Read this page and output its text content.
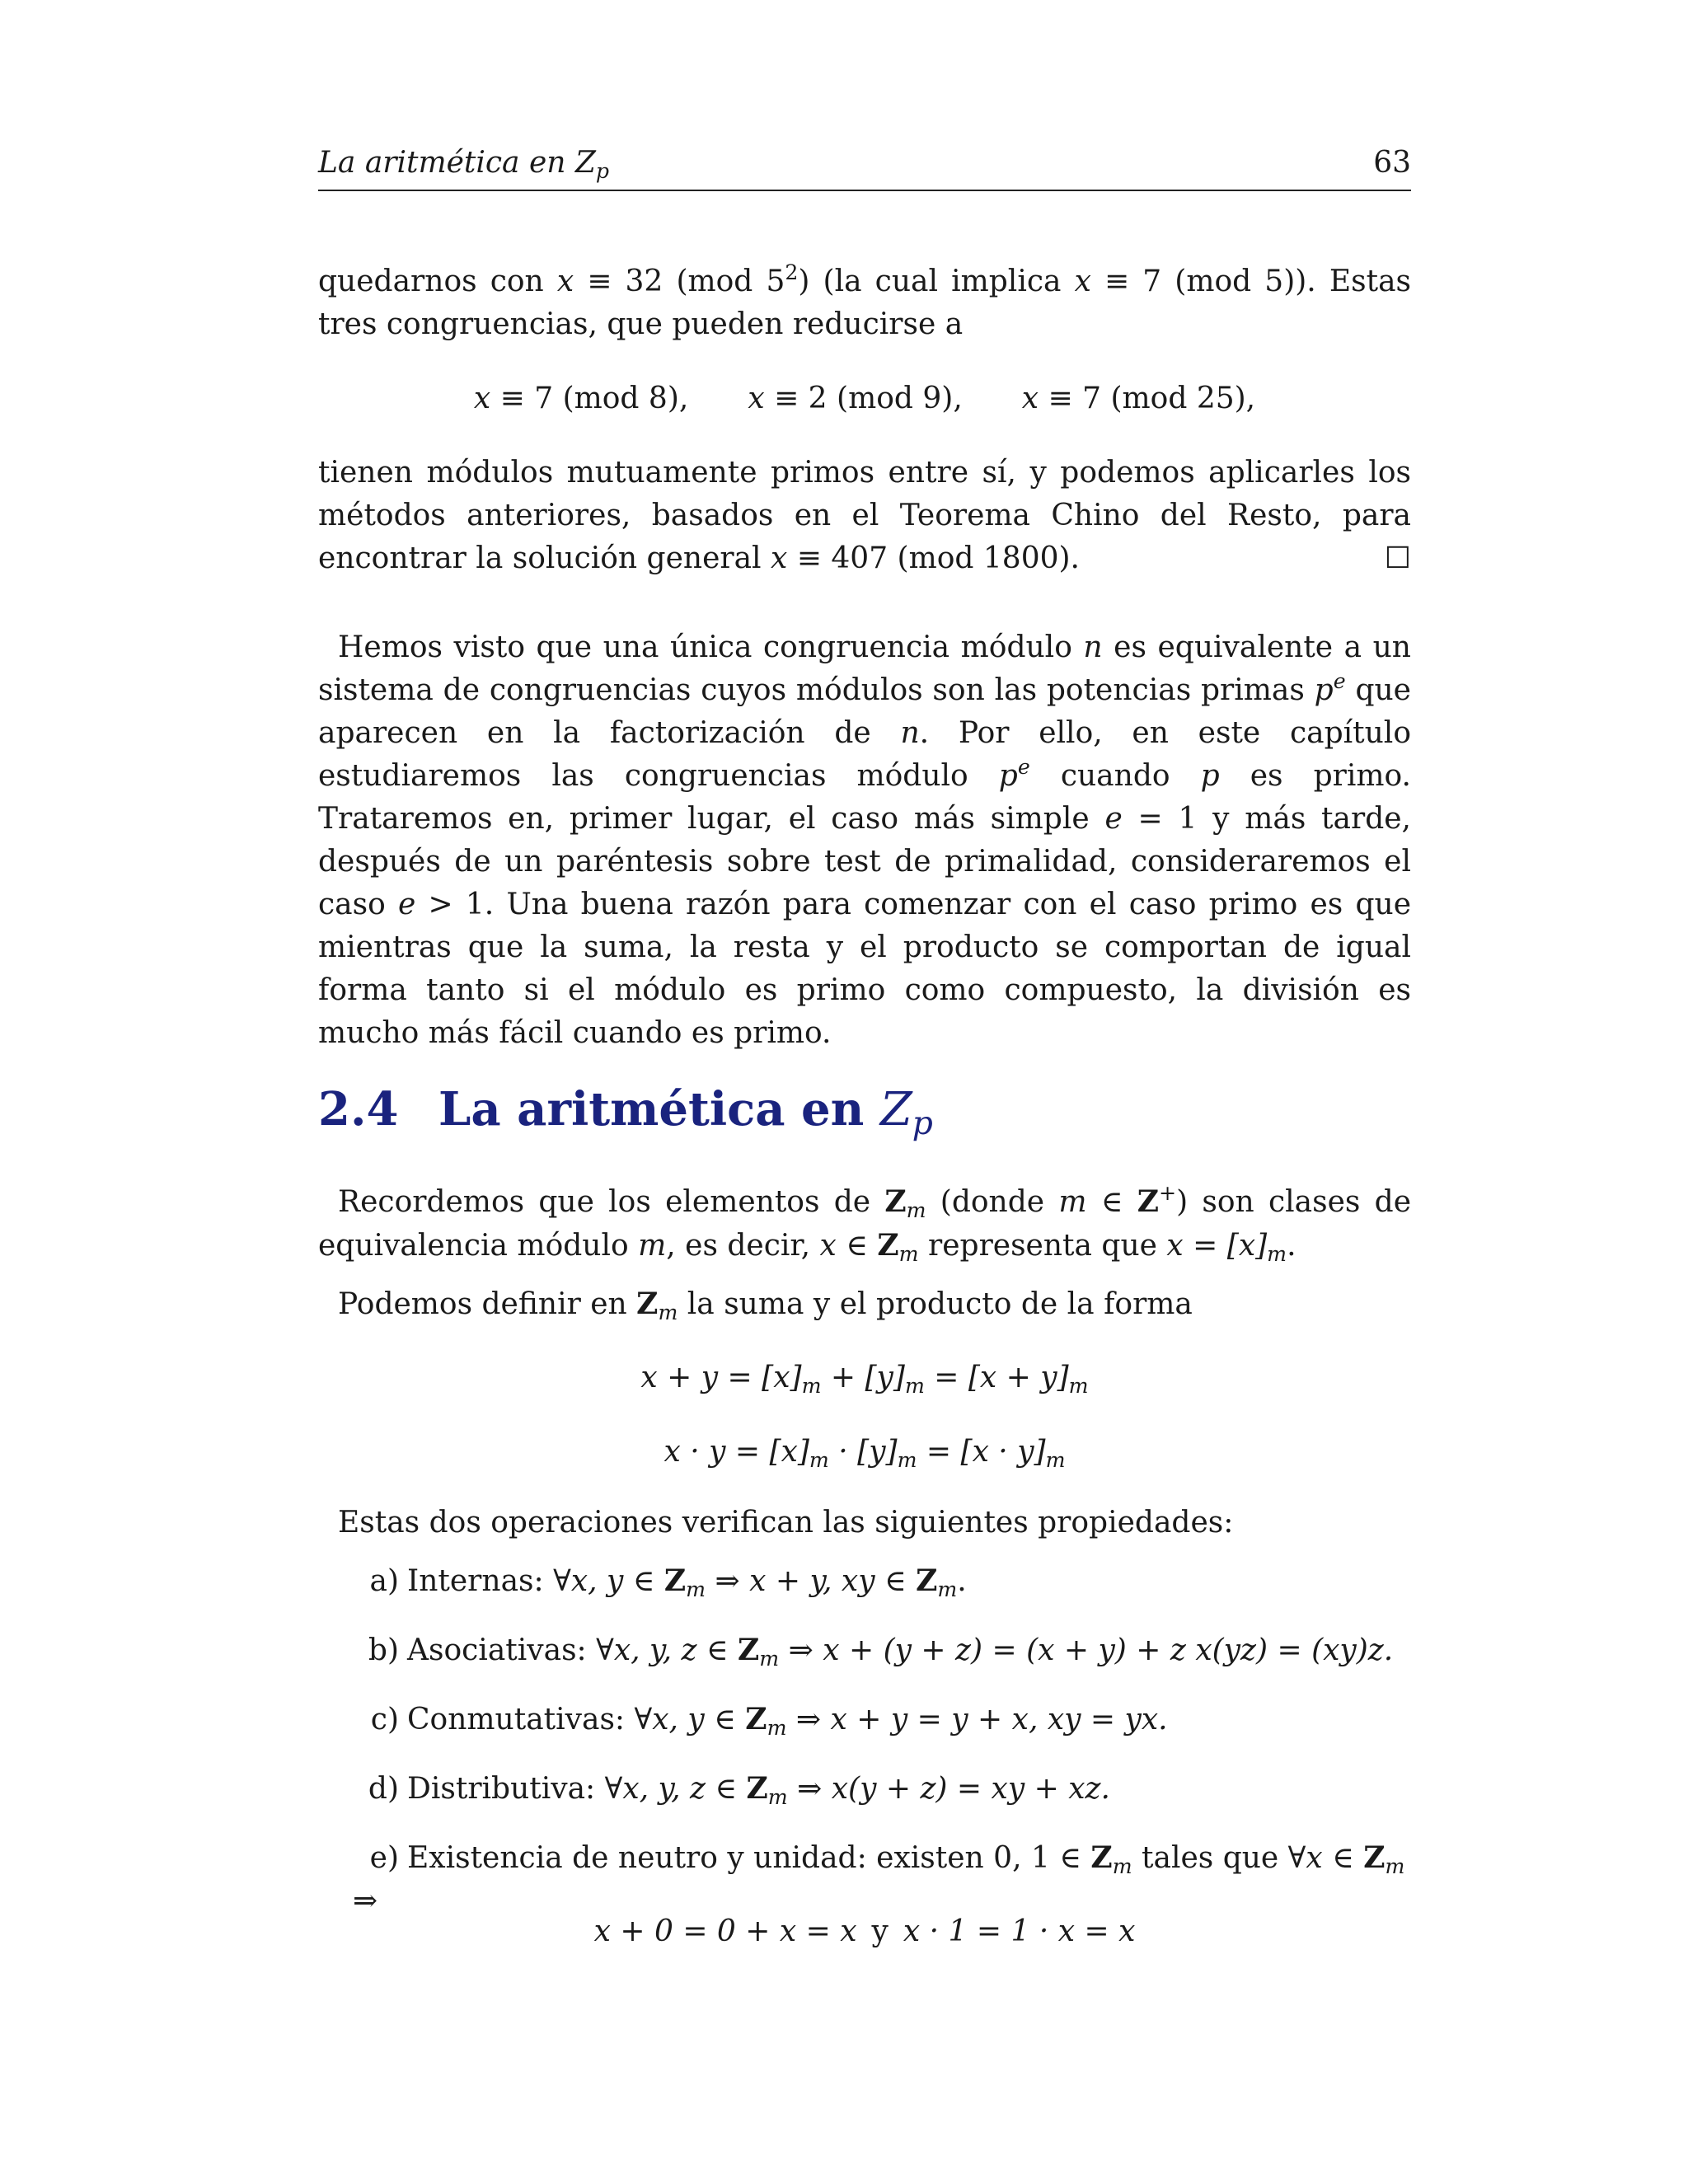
La aritmética en $Z_p$	63
quedarnos con x ≡ 32 (mod $5^2$) (la cual implica x ≡ 7 (mod 5)). Estas tres congruencias, que pueden reducirse a
x ≡ 7 (mod 8),   x ≡ 2 (mod 9),   x ≡ 7 (mod 25),
tienen módulos mutuamente primos entre sí, y podemos aplicarles los métodos anteriores, basados en el Teorema Chino del Resto, para encontrar la solución general x ≡ 407 (mod 1800).	☐
Hemos visto que una única congruencia módulo n es equivalente a un sistema de congruencias cuyos módulos son las potencias primas $p^e$ que aparecen en la factorización de n. Por ello, en este capítulo estudiaremos las congruencias módulo $p^e$ cuando p es primo. Trataremos en, primer lugar, el caso más simple e = 1 y más tarde, después de un paréntesis sobre test de primalidad, consideraremos el caso e > 1. Una buena razón para comenzar con el caso primo es que mientras que la suma, la resta y el producto se comportan de igual forma tanto si el módulo es primo como compuesto, la división es mucho más fácil cuando es primo.
2.4 La aritmética en $Z_p$
Recordemos que los elementos de $Z_m$ (donde m ∈ Z+) son clases de equivalencia módulo m, es decir, x ∈ $Z_m$ representa que $x = [x]_m$.
Podemos definir en $Z_m$ la suma y el producto de la forma
$x + y = [x]_m + [y]_m = [x + y]_m$
$x \cdot y = [x]_m \cdot [y]_m = [x \cdot y]_m$
Estas dos operaciones verifican las siguientes propiedades:
a) Internas: ∀x, y ∈ $Z_m$ ⇒ x + y, xy ∈ $Z_m$.
b) Asociativas: ∀x, y, z ∈ $Z_m$ ⇒ x + (y + z) = (x + y) + z x(yz) = (xy)z.
c) Conmutativas: ∀x, y ∈ $Z_m$ ⇒ x + y = y + x, xy = yx.
d) Distributiva: ∀x, y, z ∈ $Z_m$ ⇒ x(y + z) = xy + xz.
e) Existencia de neutro y unidad: existen 0, 1 ∈ $Z_m$ tales que ∀x ∈ $Z_m$ ⇒
x + 0 = 0 + x = x  y  x · 1 = 1 · x = x
